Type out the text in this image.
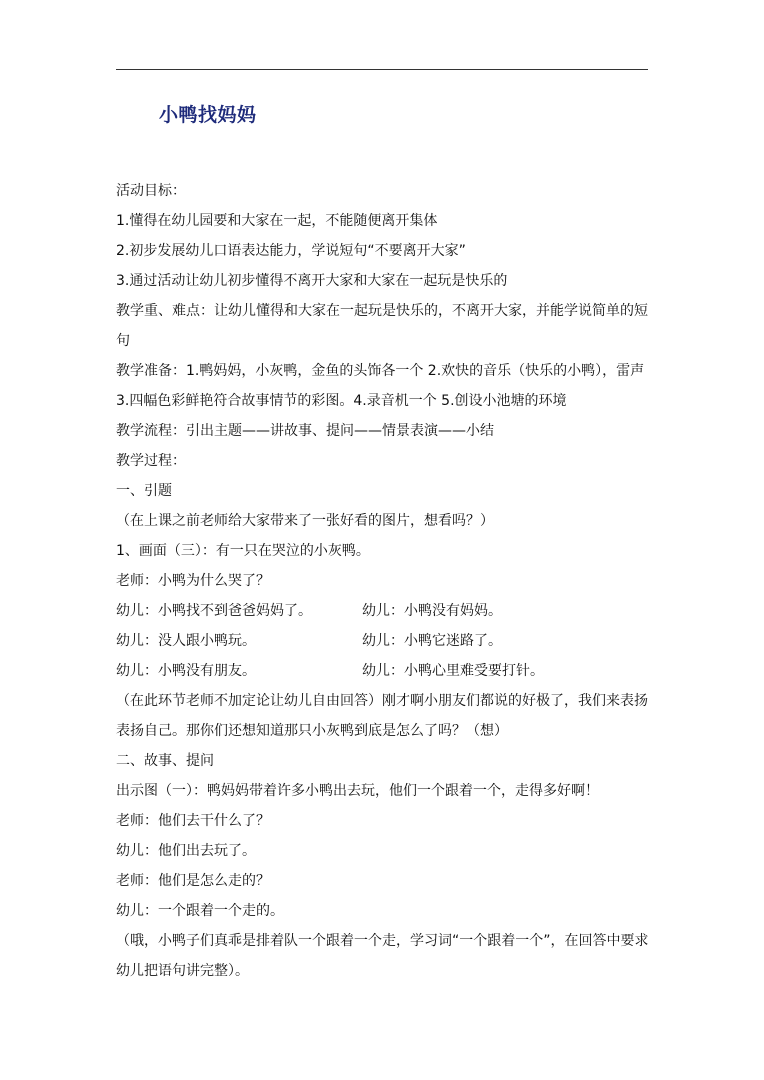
小鸭找妈妈
活动目标：
1.懂得在幼儿园要和大家在一起，不能随便离开集体
2.初步发展幼儿口语表达能力，学说短句“不要离开大家”
3.通过活动让幼儿初步懂得不离开大家和大家在一起玩是快乐的
教学重、难点：让幼儿懂得和大家在一起玩是快乐的，不离开大家，并能学说简单的短句
教学准备：1.鸭妈妈，小灰鸭，金鱼的头饰各一个 2.欢快的音乐（快乐的小鸭），雷声 3.四幅色彩鲜艳符合故事情节的彩图。4.录音机一个 5.创设小池塘的环境
教学流程：引出主题——讲故事、提问——情景表演——小结
教学过程：
一、引题
（在上课之前老师给大家带来了一张好看的图片，想看吗？）
1、画面（三）：有一只在哭泣的小灰鸭。
老师：小鸭为什么哭了？
幼儿：小鸭找不到爸爸妈妈了。	幼儿：小鸭没有妈妈。
幼儿：没人跟小鸭玩。	幼儿：小鸭它迷路了。
幼儿：小鸭没有朋友。	幼儿：小鸭心里难受要打针。
（在此环节老师不加定论让幼儿自由回答）刚才啊小朋友们都说的好极了，我们来表扬表扬自己。那你们还想知道那只小灰鸭到底是怎么了吗？（想）
二、故事、提问
出示图（一）：鸭妈妈带着许多小鸭出去玩，他们一个跟着一个，走得多好啊！
老师：他们去干什么了？
幼儿：他们出去玩了。
老师：他们是怎么走的？
幼儿：一个跟着一个走的。
（哦，小鸭子们真乖是排着队一个跟着一个走，学习词“一个跟着一个”，在回答中要求幼儿把语句讲完整）。
